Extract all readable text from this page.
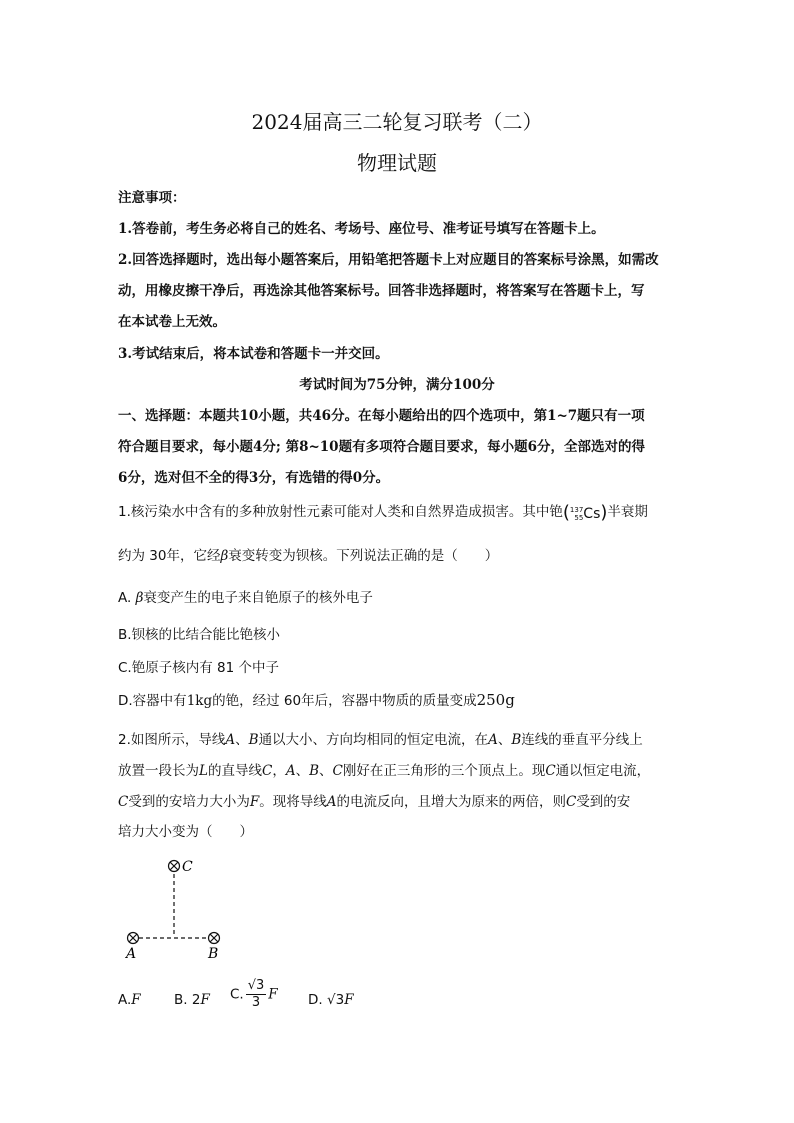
2024届高三二轮复习联考（二）
物理试题
注意事项：
1.答卷前，考生务必将自己的姓名、考场号、座位号、准考证号填写在答题卡上。
2.回答选择题时，选出每小题答案后，用铅笔把答题卡上对应题目的答案标号涂黑，如需改
动，用橡皮擦干净后，再选涂其他答案标号。回答非选择题时，将答案写在答题卡上，写
在本试卷上无效。
3.考试结束后，将本试卷和答题卡一并交回。
考试时间为75分钟，满分100分
一、选择题：本题共10小题，共46分。在每小题给出的四个选项中，第1~7题只有一项
符合题目要求，每小题4分; 第8~10题有多项符合题目要求，每小题6分，全部选对的得
6分，选对但不全的得3分，有选错的得0分。
1.核污染水中含有的多种放射性元素可能对人类和自然界造成损害。其中铯(137
55Cs)半衰期
约为 30年，它经β衰变转变为钡核。下列说法正确的是（　　）
A. β衰变产生的电子来自铯原子的核外电子
B.钡核的比结合能比铯核小
C.铯原子核内有 81 个中子
D.容器中有1kg的铯，经过 60年后，容器中物质的质量变成250g
2.如图所示，导线A、B通以大小、方向均相同的恒定电流，在A、B连线的垂直平分线上
放置一段长为L的直导线C，A、B、C刚好在正三角形的三个顶点上。现C通以恒定电流，
C受到的安培力大小为F。现将导线A的电流反向，且增大为原来的两倍，则C受到的安
培力大小变为（　　）
C
A	B
A.F B. 2F C. $\frac{√3}{3}$ F D. √3F
